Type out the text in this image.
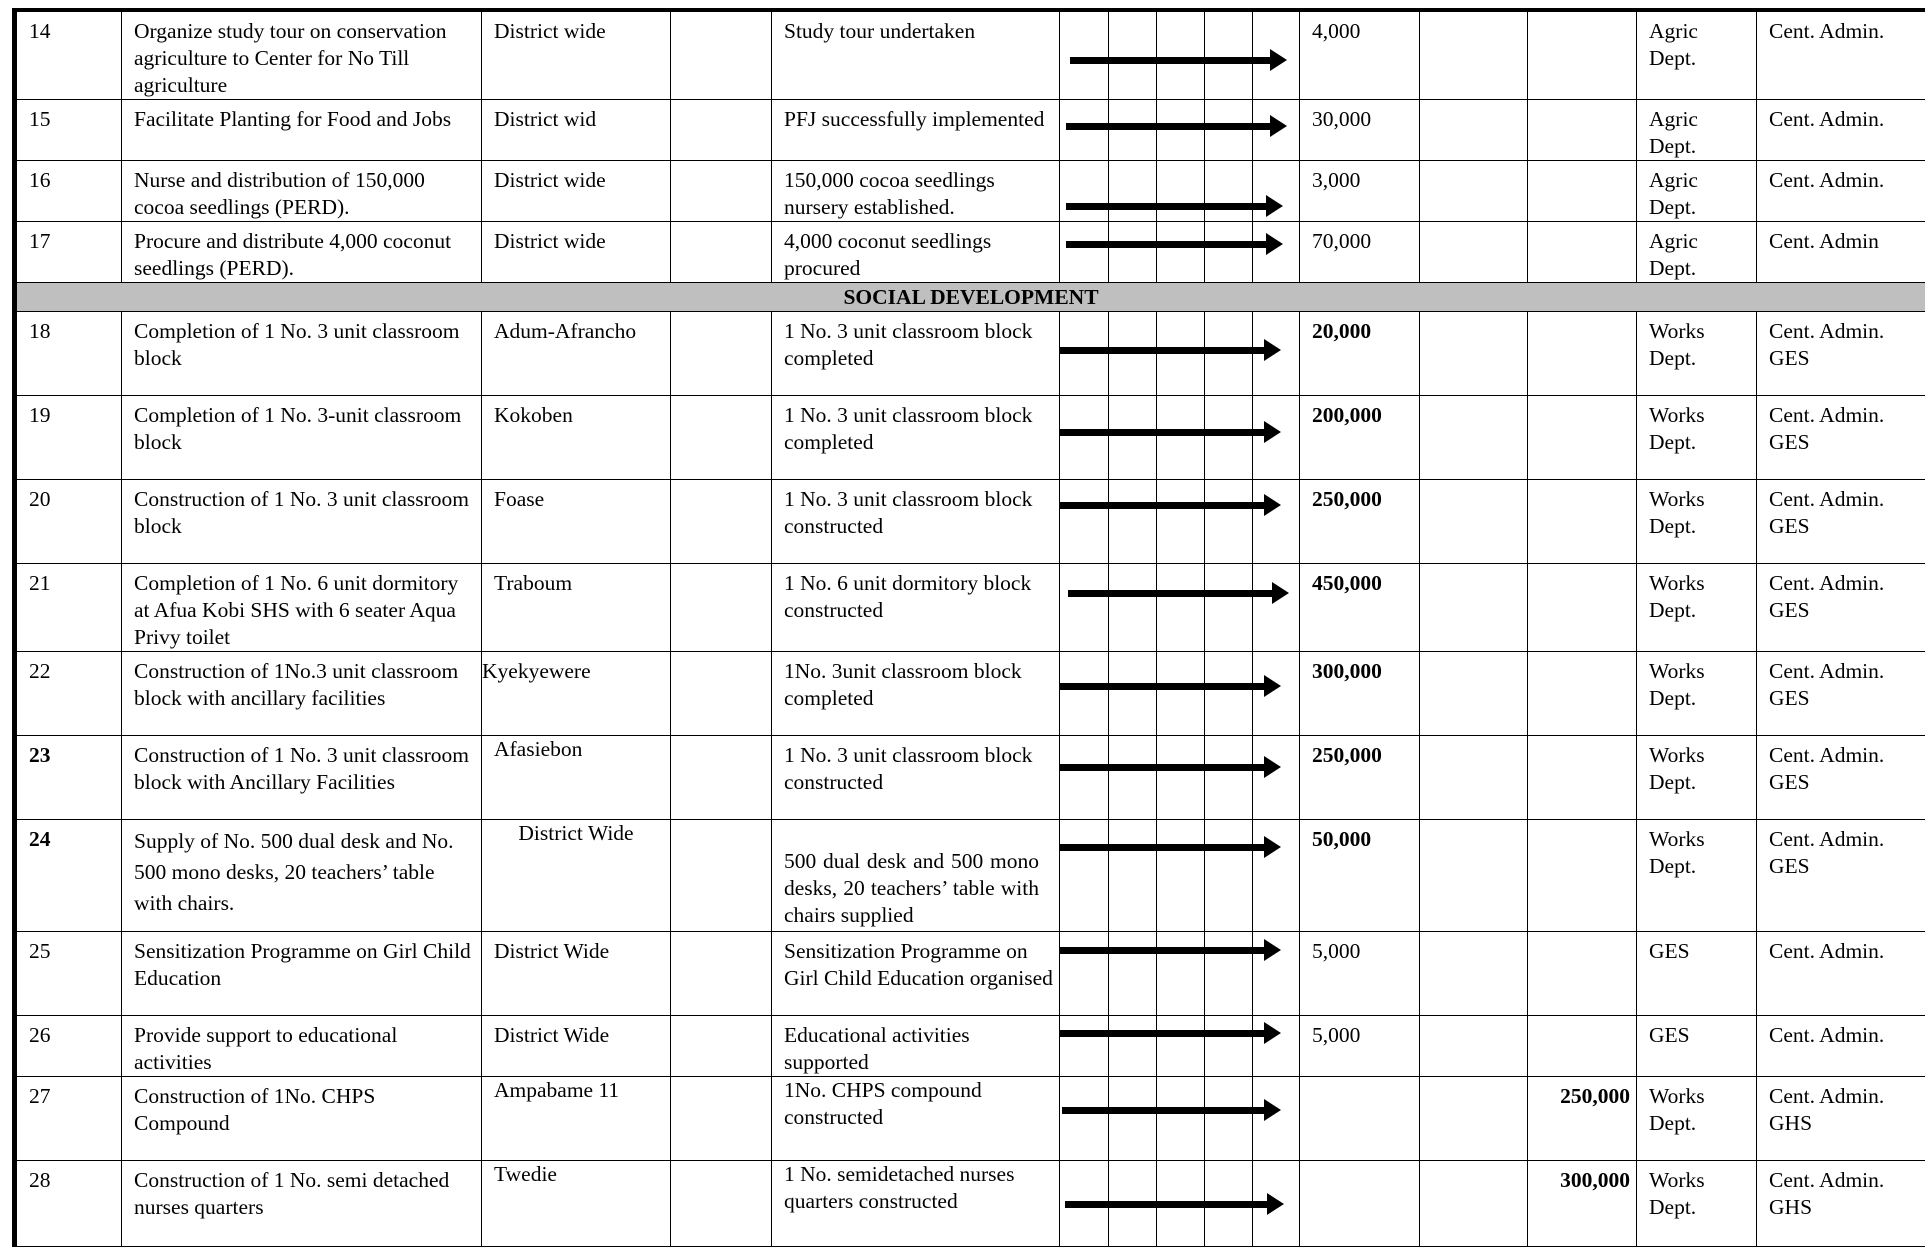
14	Organize study tour on conservation agriculture to Center for No Till agriculture	District wide		Study tour undertaken		4,000			Agric Dept.	Cent. Admin.
15	Facilitate Planting for Food and Jobs	District wid		PFJ successfully implemented		30,000			Agric Dept.	Cent. Admin.
16	Nurse and distribution of 150,000 cocoa seedlings (PERD).	District wide		150,000 cocoa seedlings nursery established.		3,000			Agric Dept.	Cent. Admin.
17	Procure and distribute 4,000 coconut seedlings (PERD).	District wide		4,000 coconut seedlings procured		70,000			Agric Dept.	Cent. Admin
SOCIAL DEVELOPMENT										
18	Completion of 1 No. 3 unit classroom block	Adum-Afrancho		1 No. 3 unit classroom block completed		20,000			Works Dept.	Cent. Admin. GES
19	Completion of 1 No. 3-unit classroom block	Kokoben		1 No. 3 unit classroom block completed		200,000			Works Dept.	Cent. Admin. GES
20	Construction of 1 No. 3 unit classroom block	Foase		1 No. 3 unit classroom block constructed		250,000			Works Dept.	Cent. Admin. GES
21	Completion of 1 No. 6 unit dormitory at Afua Kobi SHS with 6 seater Aqua Privy toilet	Traboum		1 No. 6 unit dormitory block constructed		450,000			Works Dept.	Cent. Admin. GES
22	Construction of 1No.3 unit classroom block with ancillary facilities	Kyekyewere		1No. 3unit classroom block completed		300,000			Works Dept.	Cent. Admin. GES
23	Construction of 1 No. 3 unit classroom block with Ancillary Facilities	Afasiebon		1 No. 3 unit classroom block constructed		250,000			Works Dept.	Cent. Admin. GES
24	Supply of No. 500 dual desk and No. 500 mono desks, 20 teachers’ table with chairs.	District Wide		500 dual desk and 500 mono desks, 20 teachers’ table with chairs supplied		50,000			Works Dept.	Cent. Admin. GES
25	Sensitization Programme on Girl Child Education	District Wide		Sensitization Programme on Girl Child Education organised		5,000			GES	Cent. Admin.
26	Provide support to educational activities	District Wide		Educational activities supported		5,000			GES	Cent. Admin.
27	Construction of 1No. CHPS Compound	Ampabame 11		1No. CHPS compound constructed				250,000	Works Dept.	Cent. Admin. GHS
28	Construction of 1 No. semi detached nurses quarters	Twedie		1 No. semidetached nurses quarters constructed				300,000	Works Dept.	Cent. Admin. GHS
